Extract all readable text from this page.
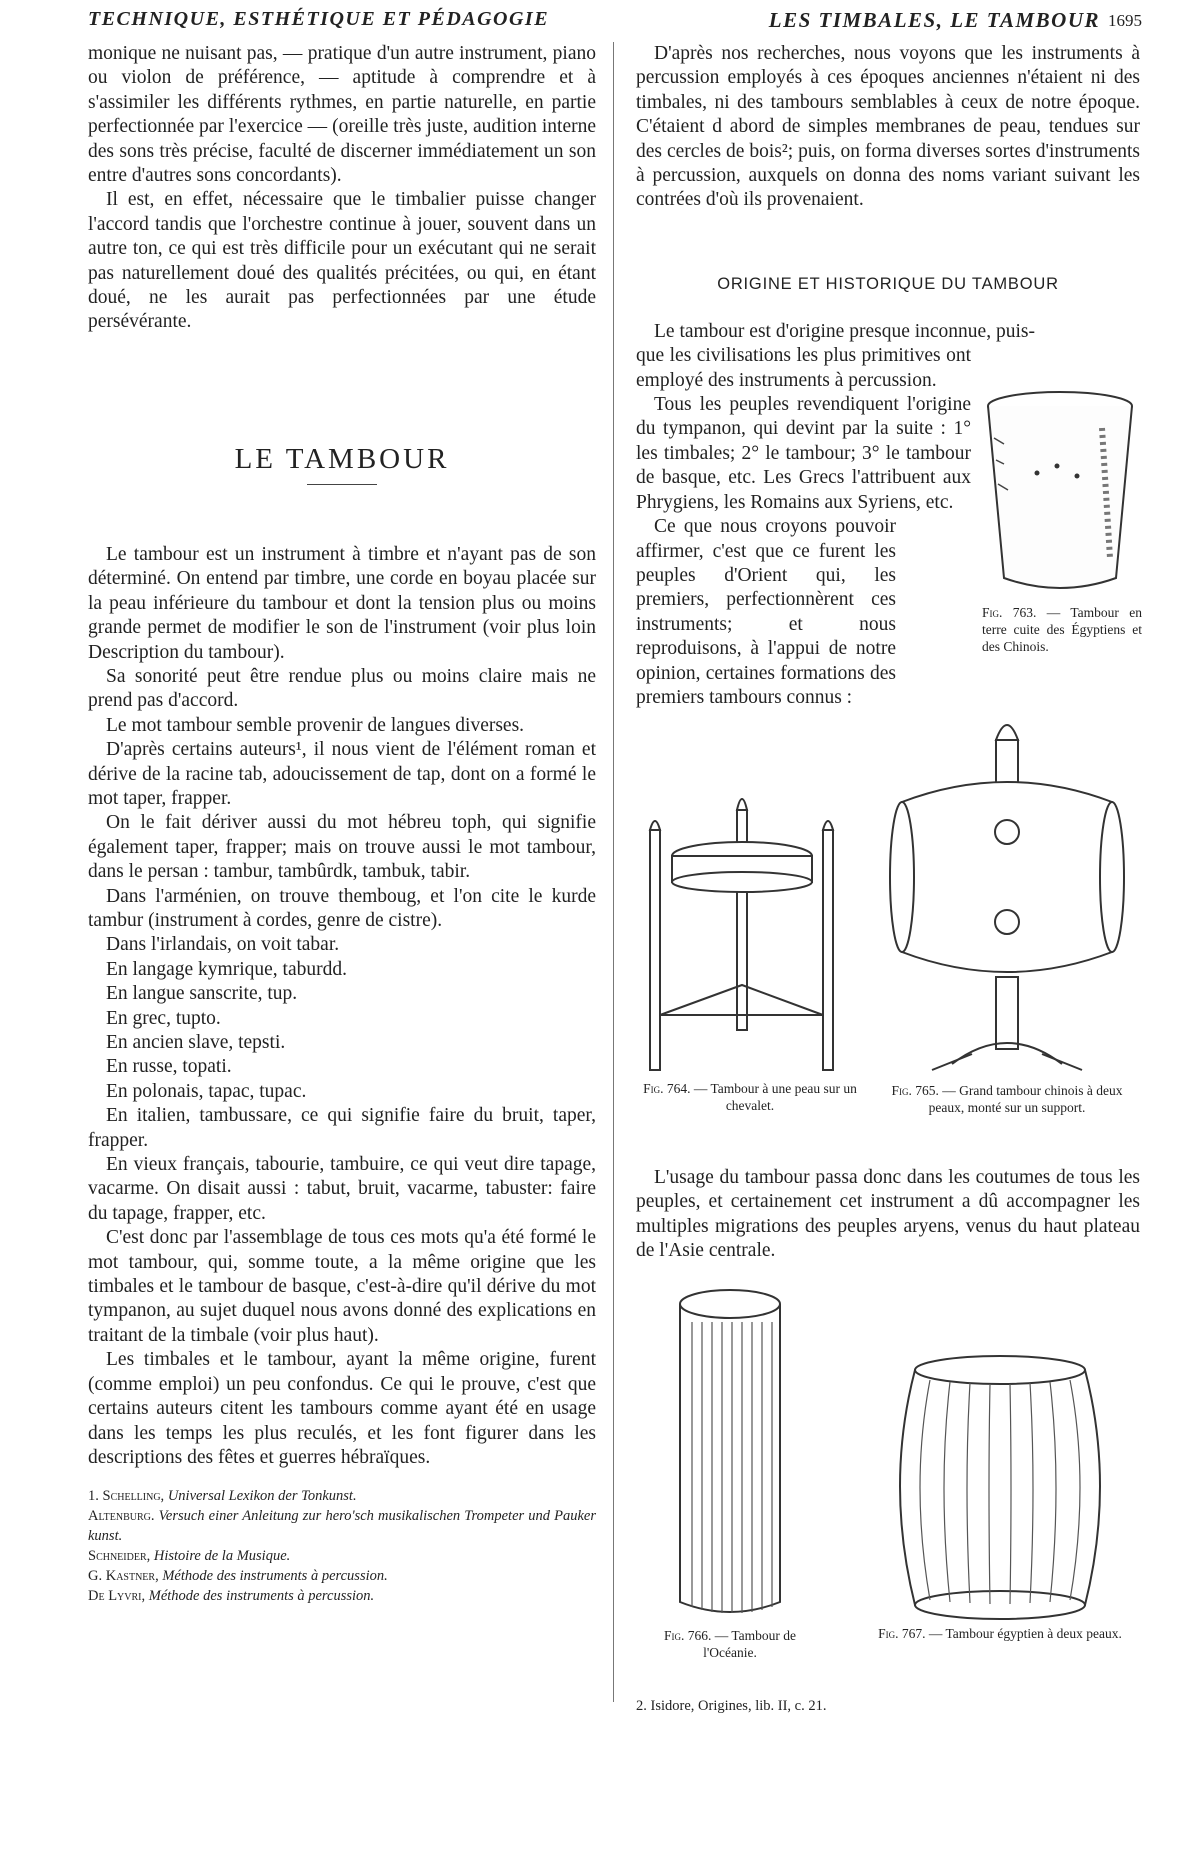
TECHNIQUE, ESTHÉTIQUE ET PÉDAGOGIE	LES TIMBALES, LE TAMBOUR 1695

monique ne nuisant pas, — pratique d'un autre instrument, piano ou violon de préférence, — aptitude à comprendre et à s'assimiler les différents rythmes, en partie naturelle, en partie perfectionnée par l'exercice — (oreille très juste, audition interne des sons très précise, faculté de discerner immédiatement un son entre d'autres sons concordants).

Il est, en effet, nécessaire que le timbalier puisse changer l'accord tandis que l'orchestre continue à jouer, souvent dans un autre ton, ce qui est très difficile pour un exécutant qui ne serait pas naturellement doué des qualités précitées, ou qui, en étant doué, ne les aurait pas perfectionnées par une étude persévérante.

LE TAMBOUR

Le tambour est un instrument à timbre et n'ayant pas de son déterminé. On entend par timbre, une corde en boyau placée sur la peau inférieure du tambour et dont la tension plus ou moins grande permet de modifier le son de l'instrument (voir plus loin Description du tambour).

Sa sonorité peut être rendue plus ou moins claire mais ne prend pas d'accord.

Le mot tambour semble provenir de langues diverses.

D'après certains auteurs¹, il nous vient de l'élément roman et dérive de la racine tab, adoucissement de tap, dont on a formé le mot taper, frapper.

On le fait dériver aussi du mot hébreu toph, qui signifie également taper, frapper; mais on trouve aussi le mot tambour, dans le persan : tambur, tambûrdk, tambuk, tabir.

Dans l'arménien, on trouve themboug, et l'on cite le kurde tambur (instrument à cordes, genre de cistre).

Dans l'irlandais, on voit tabar.

En langage kymrique, taburdd.

En langue sanscrite, tup.

En grec, tupto.

En ancien slave, tepsti.

En russe, topati.

En polonais, tapac, tupac.

En italien, tambussare, ce qui signifie faire du bruit, taper, frapper.

En vieux français, tabourie, tambuire, ce qui veut dire tapage, vacarme. On disait aussi : tabut, bruit, vacarme, tabuster: faire du tapage, frapper, etc.

C'est donc par l'assemblage de tous ces mots qu'a été formé le mot tambour, qui, somme toute, a la même origine que les timbales et le tambour de basque, c'est-à-dire qu'il dérive du mot tympanon, au sujet duquel nous avons donné des explications en traitant de la timbale (voir plus haut).

Les timbales et le tambour, ayant la même origine, furent (comme emploi) un peu confondus. Ce qui le prouve, c'est que certains auteurs citent les tambours comme ayant été en usage dans les temps les plus reculés, et les font figurer dans les descriptions des fêtes et guerres hébraïques.

1. Schelling, Universal Lexikon der Tonkunst.

Altenburg. Versuch einer Anleitung zur hero'sch musikalischen Trompeter und Pauker kunst.

Schneider, Histoire de la Musique.

G. Kastner, Méthode des instruments à percussion.

De Lyvri, Méthode des instruments à percussion.

D'après nos recherches, nous voyons que les instruments à percussion employés à ces époques anciennes n'étaient ni des timbales, ni des tambours semblables à ceux de notre époque. C'étaient d abord de simples membranes de peau, tendues sur des cercles de bois²; puis, on forma diverses sortes d'instruments à percussion, auxquels on donna des noms variant suivant les contrées d'où ils provenaient.

ORIGINE ET HISTORIQUE DU TAMBOUR

Le tambour est d'origine presque inconnue, puis-

que les civilisations les plus primitives ont employé des instruments à percussion.

Tous les peuples revendiquent l'origine du tympanon, qui devint par la suite : 1° les timbales; 2° le tambour; 3° le tambour de basque, etc. Les Grecs l'attribuent aux Phrygiens, les Romains aux Syriens, etc.

Ce que nous croyons pouvoir affirmer, c'est que ce furent les peuples d'Orient qui, les premiers, perfectionnèrent ces instruments; et nous reproduisons, à l'appui de notre opinion, certaines formations des premiers tambours connus :

Fig. 763. — Tambour en terre cuite des Égyptiens et des Chinois.

Fig. 764. — Tambour à une peau sur un chevalet.

Fig. 765. — Grand tambour chinois à deux peaux, monté sur un support.

L'usage du tambour passa donc dans les coutumes de tous les peuples, et certainement cet instrument a dû accompagner les multiples migrations des peuples aryens, venus du haut plateau de l'Asie centrale.

Fig. 766. — Tambour de l'Océanie.

Fig. 767. — Tambour égyptien à deux peaux.

2. Isidore, Origines, lib. II, c. 21.
